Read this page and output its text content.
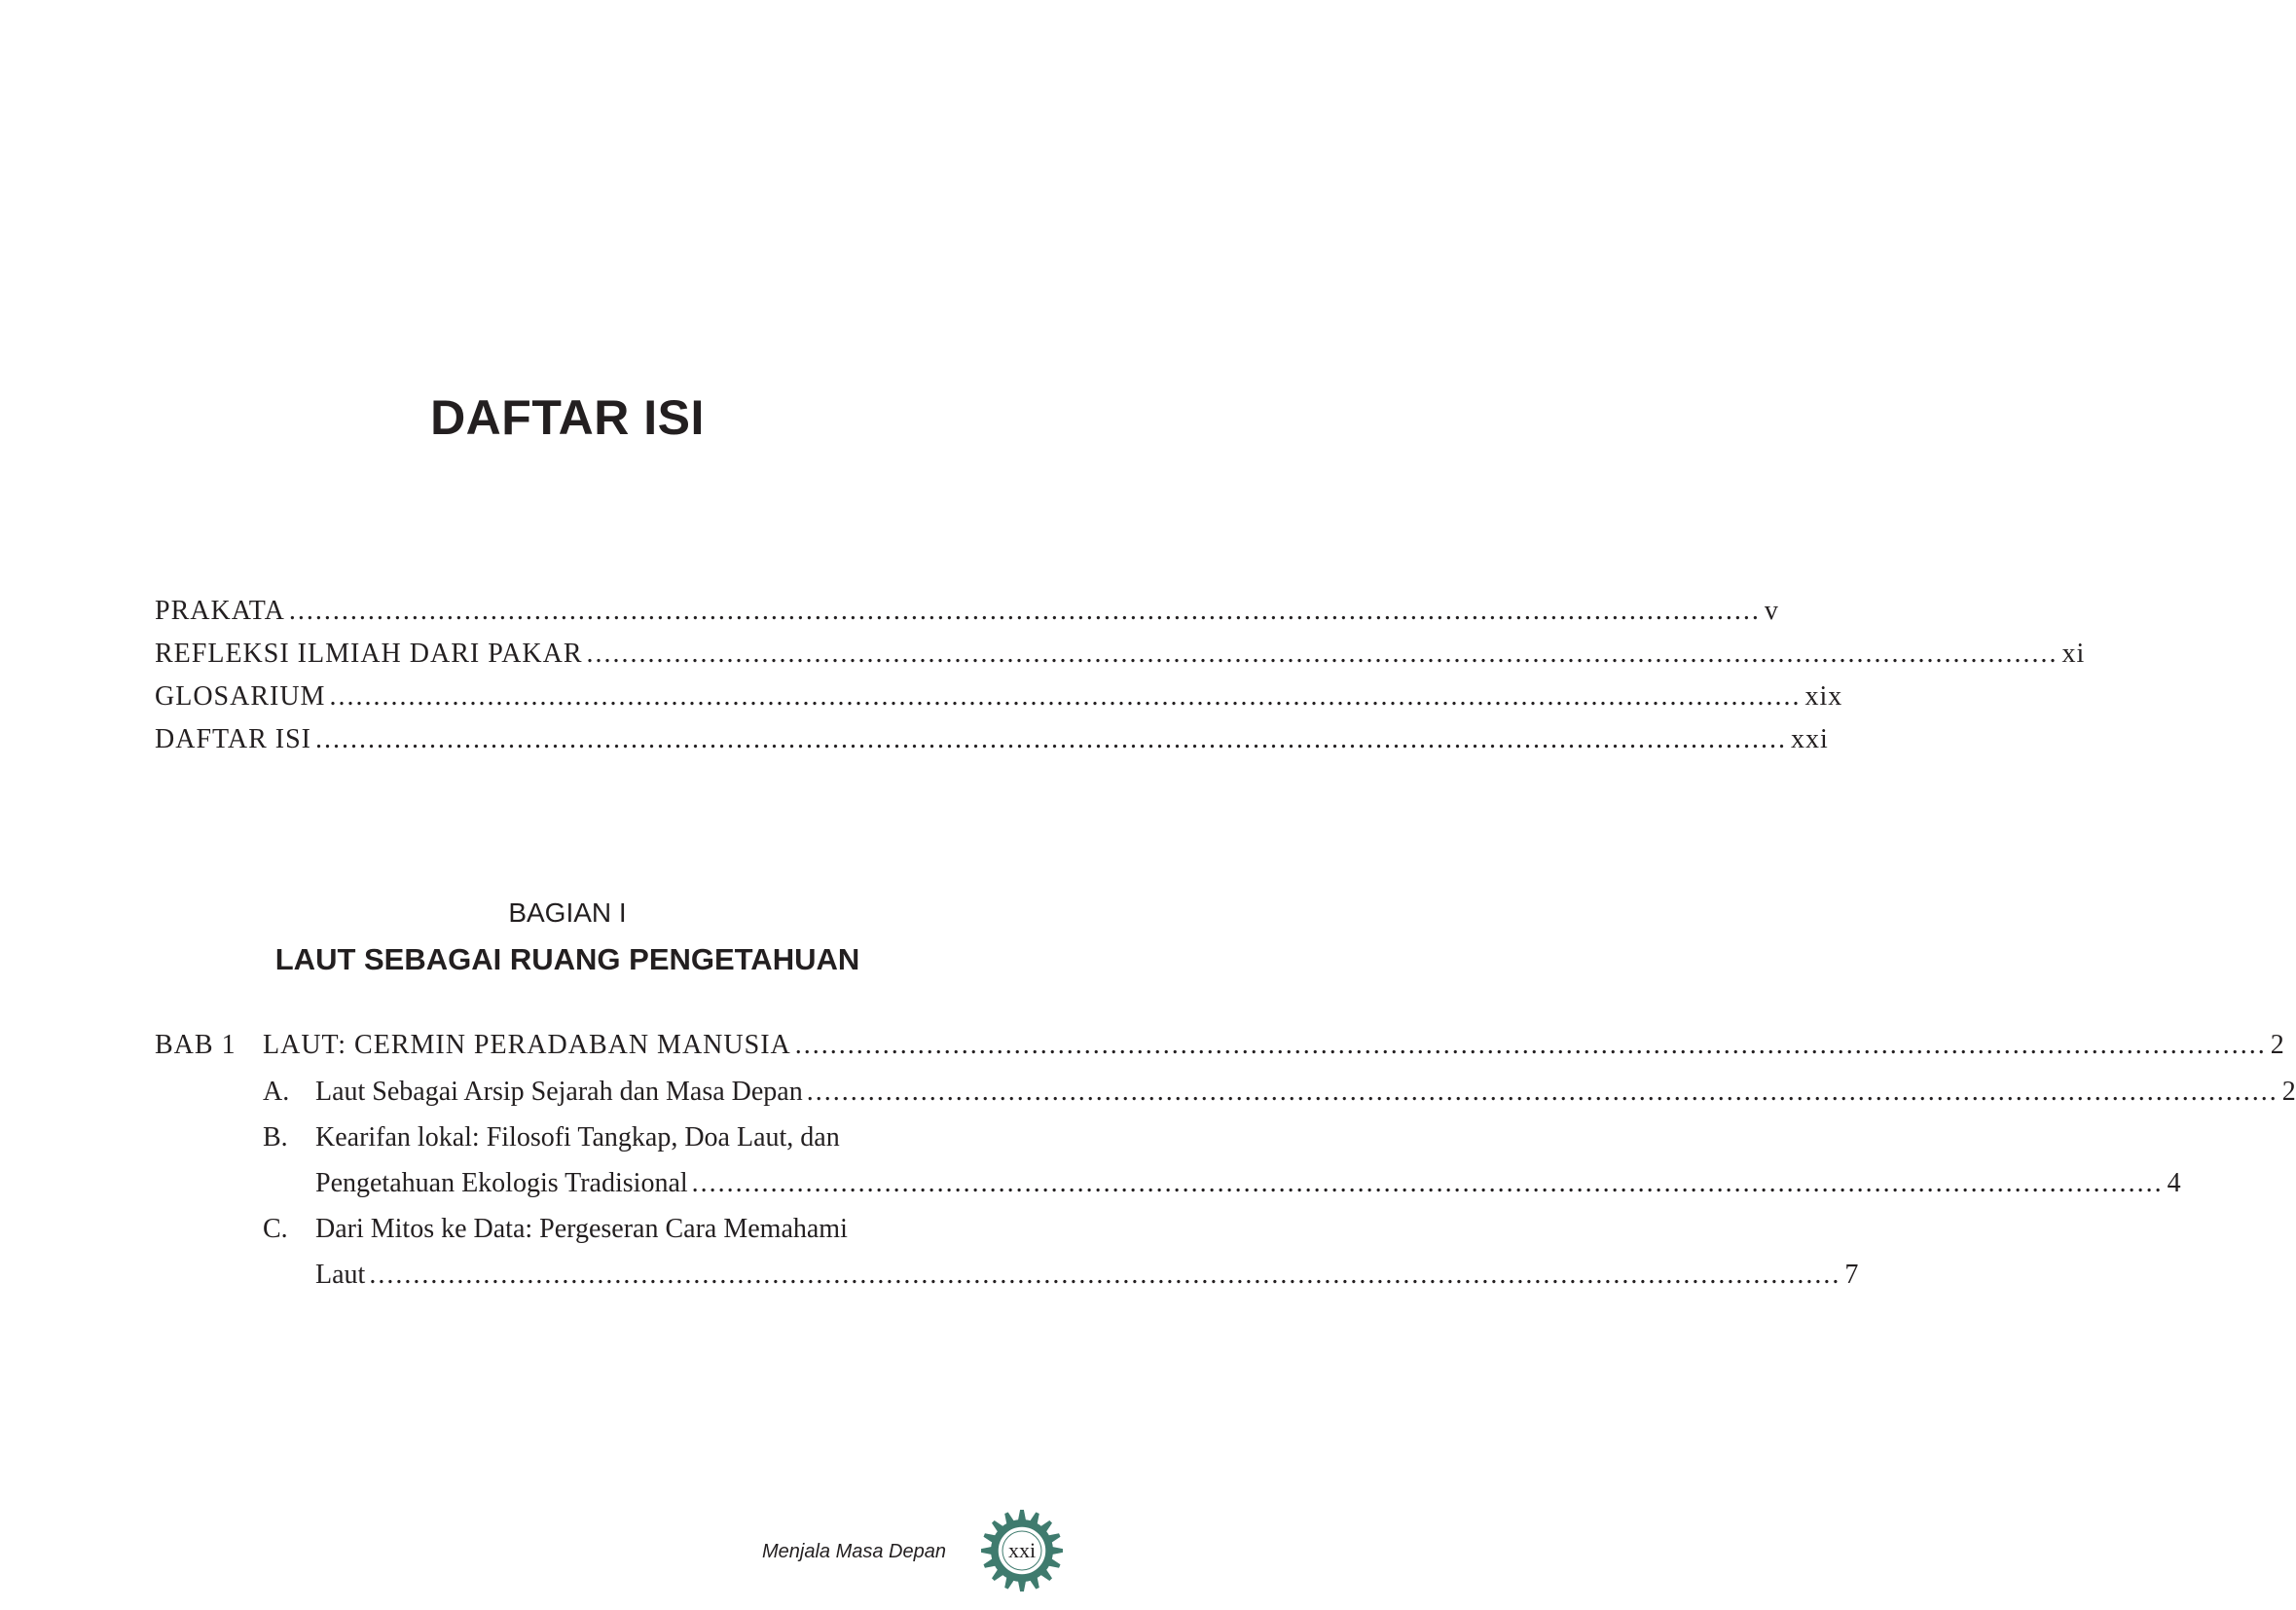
DAFTAR ISI
PRAKATA ........................................................................................................................................................................ v
REFLEKSI ILMIAH DARI PAKAR ........................................................................................................................................................................ xi
GLOSARIUM ........................................................................................................................................................................ xix
DAFTAR ISI ........................................................................................................................................................................ xxi
BAGIAN I
LAUT SEBAGAI RUANG PENGETAHUAN
BAB 1 LAUT: CERMIN PERADABAN MANUSIA ........................................................................................................................................................................ 2
A. Laut Sebagai Arsip Sejarah dan Masa Depan ........................................................................................................................................................................ 2
B. Kearifan lokal: Filosofi Tangkap, Doa Laut, dan
Pengetahuan Ekologis Tradisional ........................................................................................................................................................................ 4
C. Dari Mitos ke Data: Pergeseran Cara Memahami
Laut ........................................................................................................................................................................ 7
Menjala Masa Depan	xxi
